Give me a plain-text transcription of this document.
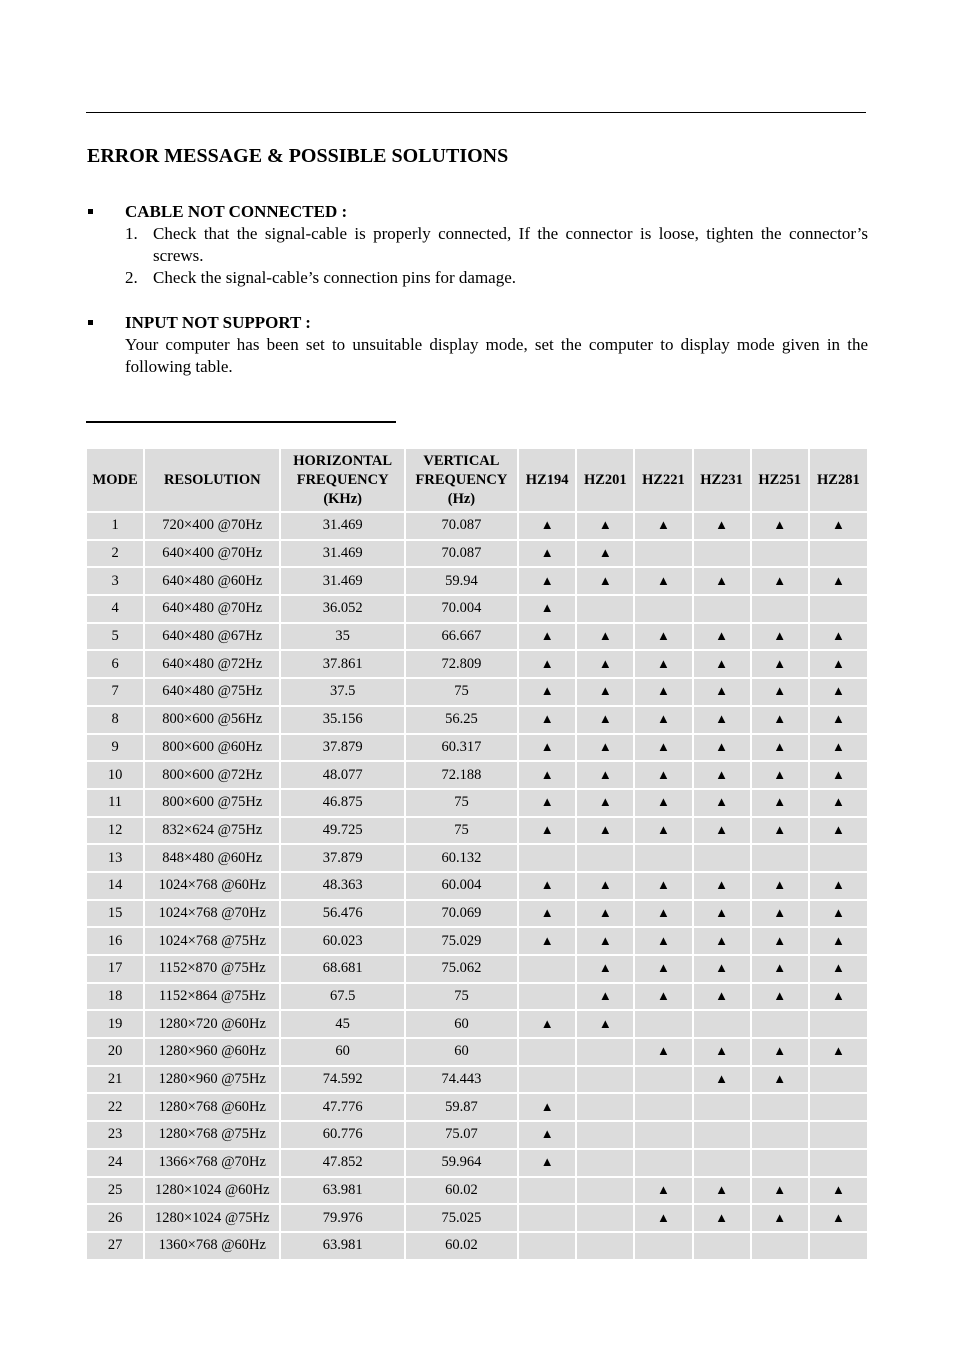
ERROR MESSAGE & POSSIBLE SOLUTIONS
CABLE NOT CONNECTED :
1. Check that the signal-cable is properly connected, If the connector is loose, tighten the connector’s screws.
2. Check the signal-cable’s connection pins for damage.
INPUT NOT SUPPORT :
Your computer has been set to unsuitable display mode, set the computer to display mode given in the following table.
MODE	RESOLUTION	HORIZONTAL FREQUENCY (KHz)	VERTICAL FREQUENCY (Hz)	HZ194	HZ201	HZ221	HZ231	HZ251	HZ281
1	720×400 @70Hz	31.469	70.087	▲	▲	▲	▲	▲	▲
2	640×400 @70Hz	31.469	70.087	▲	▲				
3	640×480 @60Hz	31.469	59.94	▲	▲	▲	▲	▲	▲
4	640×480 @70Hz	36.052	70.004	▲					
5	640×480 @67Hz	35	66.667	▲	▲	▲	▲	▲	▲
6	640×480 @72Hz	37.861	72.809	▲	▲	▲	▲	▲	▲
7	640×480 @75Hz	37.5	75	▲	▲	▲	▲	▲	▲
8	800×600 @56Hz	35.156	56.25	▲	▲	▲	▲	▲	▲
9	800×600 @60Hz	37.879	60.317	▲	▲	▲	▲	▲	▲
10	800×600 @72Hz	48.077	72.188	▲	▲	▲	▲	▲	▲
11	800×600 @75Hz	46.875	75	▲	▲	▲	▲	▲	▲
12	832×624 @75Hz	49.725	75	▲	▲	▲	▲	▲	▲
13	848×480 @60Hz	37.879	60.132						
14	1024×768 @60Hz	48.363	60.004	▲	▲	▲	▲	▲	▲
15	1024×768 @70Hz	56.476	70.069	▲	▲	▲	▲	▲	▲
16	1024×768 @75Hz	60.023	75.029	▲	▲	▲	▲	▲	▲
17	1152×870 @75Hz	68.681	75.062		▲	▲	▲	▲	▲
18	1152×864 @75Hz	67.5	75		▲	▲	▲	▲	▲
19	1280×720 @60Hz	45	60	▲	▲				
20	1280×960 @60Hz	60	60			▲	▲	▲	▲
21	1280×960 @75Hz	74.592	74.443				▲	▲	
22	1280×768 @60Hz	47.776	59.87	▲					
23	1280×768 @75Hz	60.776	75.07	▲					
24	1366×768 @70Hz	47.852	59.964	▲					
25	1280×1024 @60Hz	63.981	60.02			▲	▲	▲	▲
26	1280×1024 @75Hz	79.976	75.025			▲	▲	▲	▲
27	1360×768 @60Hz	63.981	60.02						
